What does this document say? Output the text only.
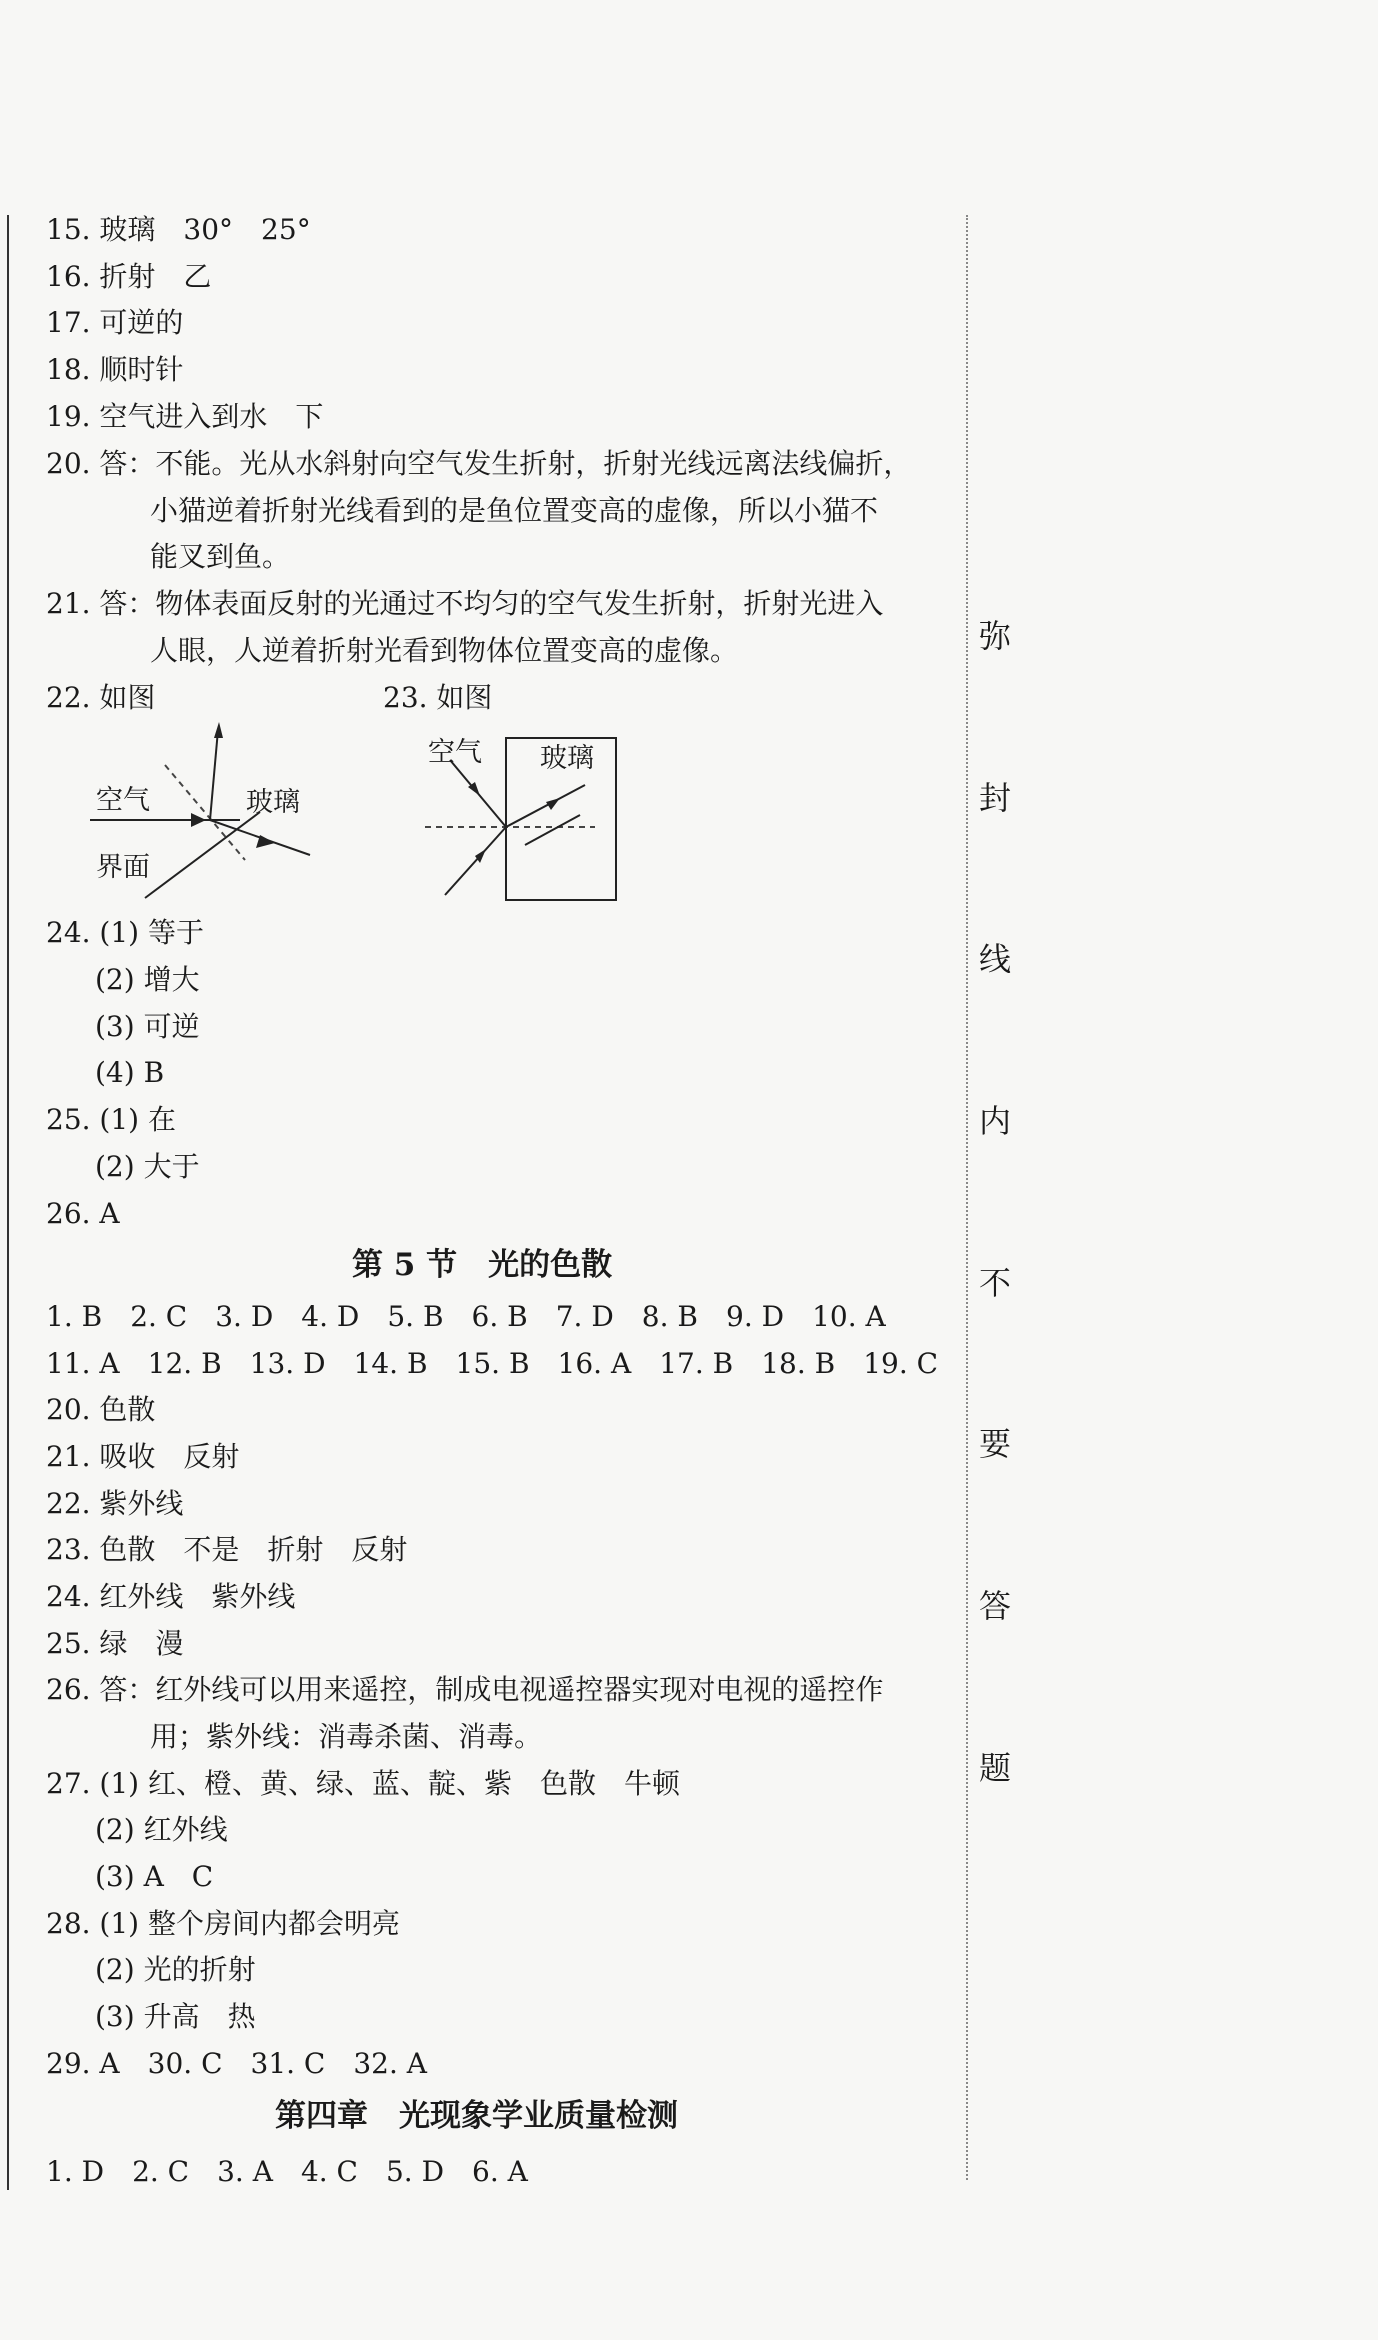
弥
封
线
内
不
要
答
题
15. 玻璃　30°　25°
16. 折射　乙
17. 可逆的
18. 顺时针
19. 空气进入到水　下
20. 答：不能。光从水斜射向空气发生折射，折射光线远离法线偏折，
小猫逆着折射光线看到的是鱼位置变高的虚像，所以小猫不
能叉到鱼。
21. 答：物体表面反射的光通过不均匀的空气发生折射，折射光进入
人眼，人逆着折射光看到物体位置变高的虚像。
22. 如图
空气	玻璃
界面
23. 如图
空气 玻璃
24. (1) 等于
(2) 增大
(3) 可逆
(4) B
25. (1) 在
(2) 大于
26. A
第 5 节　光的色散
1. B　2. C　3. D　4. D　5. B　6. B　7. D　8. B　9. D　10. A
11. A　12. B　13. D　14. B　15. B　16. A　17. B　18. B　19. C
20. 色散
21. 吸收　反射
22. 紫外线
23. 色散　不是　折射　反射
24. 红外线　紫外线
25. 绿　漫
26. 答：红外线可以用来遥控，制成电视遥控器实现对电视的遥控作
用；紫外线：消毒杀菌、消毒。
27. (1) 红、橙、黄、绿、蓝、靛、紫　色散　牛顿
(2) 红外线
(3) A　C
28. (1) 整个房间内都会明亮
(2) 光的折射
(3) 升高　热
29. A　30. C　31. C　32. A
第四章　光现象学业质量检测
1. D　2. C　3. A　4. C　5. D　6. A
